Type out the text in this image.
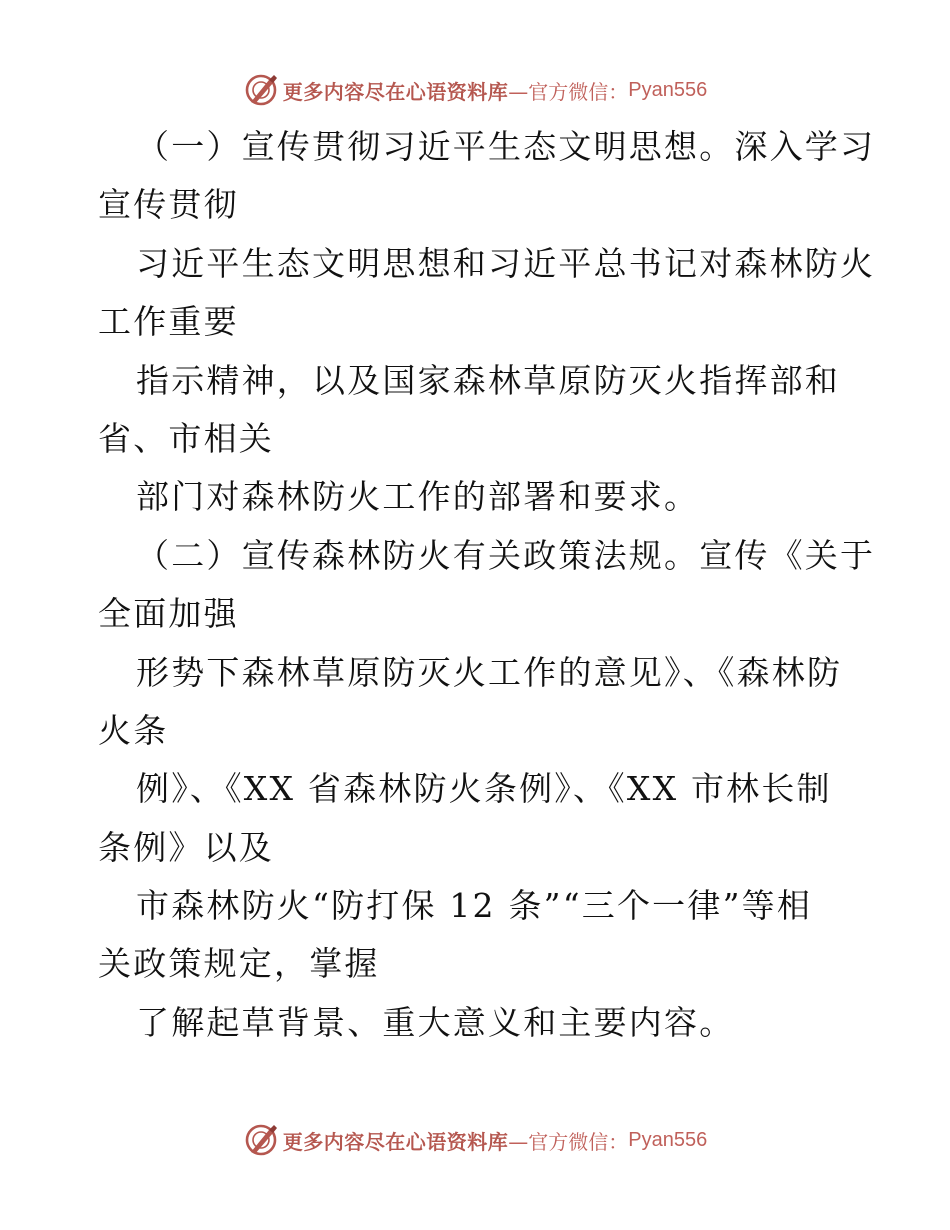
更多内容尽在心语资料库 —官方微信： Pyan556
（一）宣传贯彻习近平生态文明思想。深入学习
宣传贯彻
习近平生态文明思想和习近平总书记对森林防火
工作重要
指示精神，以及国家森林草原防灭火指挥部和
省、市相关
部门对森林防火工作的部署和要求。
（二）宣传森林防火有关政策法规。宣传《关于
全面加强
形势下森林草原防灭火工作的意见》、《森林防
火条
例》、《XX 省森林防火条例》、《XX 市林长制
条例》以及
市森林防火“防打保 12 条”“三个一律”等相
关政策规定，掌握
了解起草背景、重大意义和主要内容。
更多内容尽在心语资料库 —官方微信： Pyan556
